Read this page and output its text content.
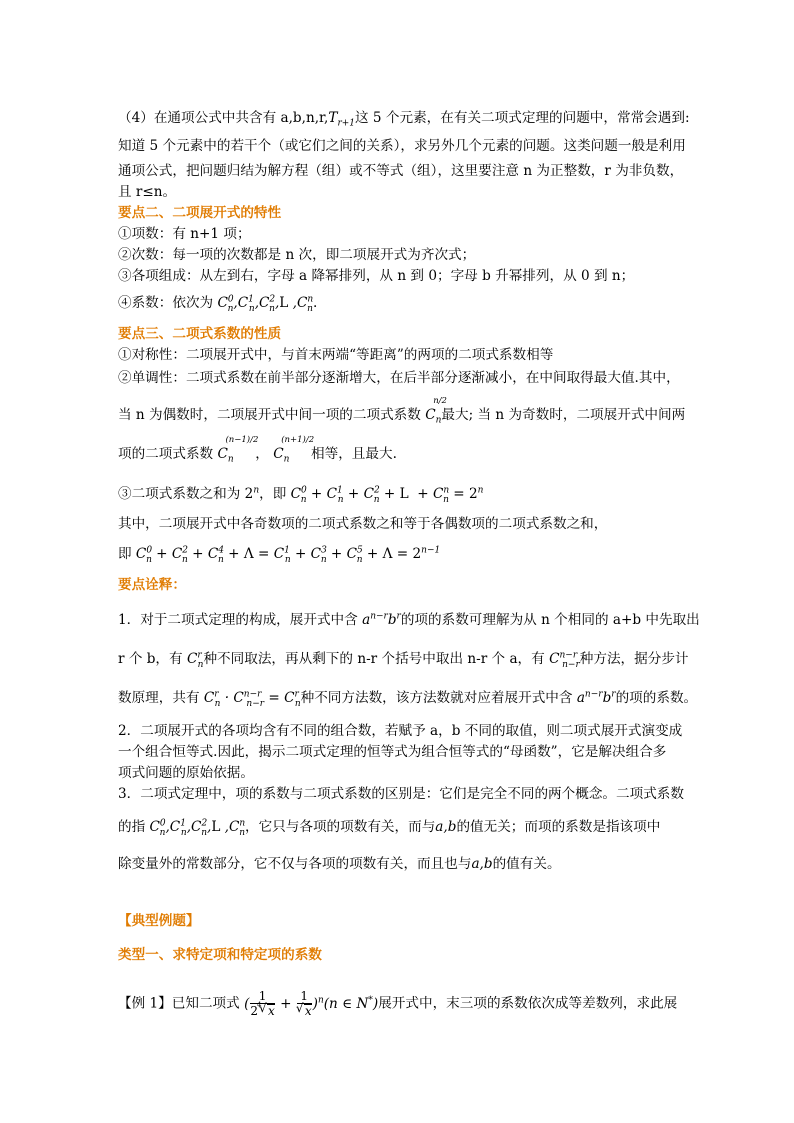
（4）在通项公式中共含有 $a,b,n,r,T_{r+1}$这 5 个元素，在有关二项式定理的问题中，常常会遇到:
知道 5 个元素中的若干个（或它们之间的关系），求另外几个元素的问题。这类问题一般是利用
通项公式，把问题归结为解方程（组）或不等式（组），这里要注意 n 为正整数，r 为非负数，
且 r≤n。
要点二、二项展开式的特性
①项数：有 n+1 项；
②次数：每一项的次数都是 n 次，即二项展开式为齐次式；
③各项组成：从左到右，字母 a 降幂排列，从 n 到 0；字母 b 升幂排列，从 0 到 n；
④系数：依次为 $C^0_n,C^1_n,C^2_n,L$ $,C^n_n$.
要点三、二项式系数的性质
①对称性：二项展开式中，与首末两端“等距离”的两项的二项式系数相等
②单调性：二项式系数在前半部分逐渐增大，在后半部分逐渐减小，在中间取得最大值.其中，
当 n 为偶数时，二项展开式中间一项的二项式系数 $C_n$
n/2
最大; 当 n 为奇数时，二项展开式中间两
项的二项式系数 $C_n$
(n−1)/2
， $C_n$
(n+1)/2
相等，且最大.
③二项式系数之和为 2$^n$，即 $C^0_n + C^1_n + C^2_n + L + C^n_n = 2^n$
其中，二项展开式中各奇数项的二项式系数之和等于各偶数项的二项式系数之和，
即 $C^0_n + C^2_n + C^4_n + \Lambda = C^1_n + C^3_n + C^5_n + \Lambda = 2^{n-1}$
要点诠释：
1．对于二项式定理的构成，展开式中含 $a^{n-r}b^r$的项的系数可理解为从 n 个相同的 a+b 中先取出
r 个 b，有 $C^r_n$种不同取法，再从剩下的 n-r 个括号中取出 n-r 个 a，有 $C^{n-r}_{n-r}$种方法，据分步计
数原理，共有 $C^r_n \cdot C^{n-r}_{n-r} = C^r_n$种不同方法数，该方法数就对应着展开式中含 $a^{n-r}b^r$的项的系数。
2．二项展开式的各项均含有不同的组合数，若赋予 a，b 不同的取值，则二项式展开式演变成
一个组合恒等式.因此，揭示二项式定理的恒等式为组合恒等式的“母函数”，它是解决组合多
项式问题的原始依据。
3．二项式定理中，项的系数与二项式系数的区别是：它们是完全不同的两个概念。二项式系数
的指 $C^0_n,C^1_n,C^2_n,L$ $,C^n_n$，它只与各项的项数有关，而与a,b的值无关；而项的系数是指该项中
除变量外的常数部分，它不仅与各项的项数有关，而且也与a,b的值有关。
【典型例题】
类型一、求特定项和特定项的系数
【例 1】已知二项式 ( $\frac{1}{2√ x} 4 + 1$
√ x )$^n$(n ∈ N*)展开式中，末三项的系数依次成等差数列，求此展
